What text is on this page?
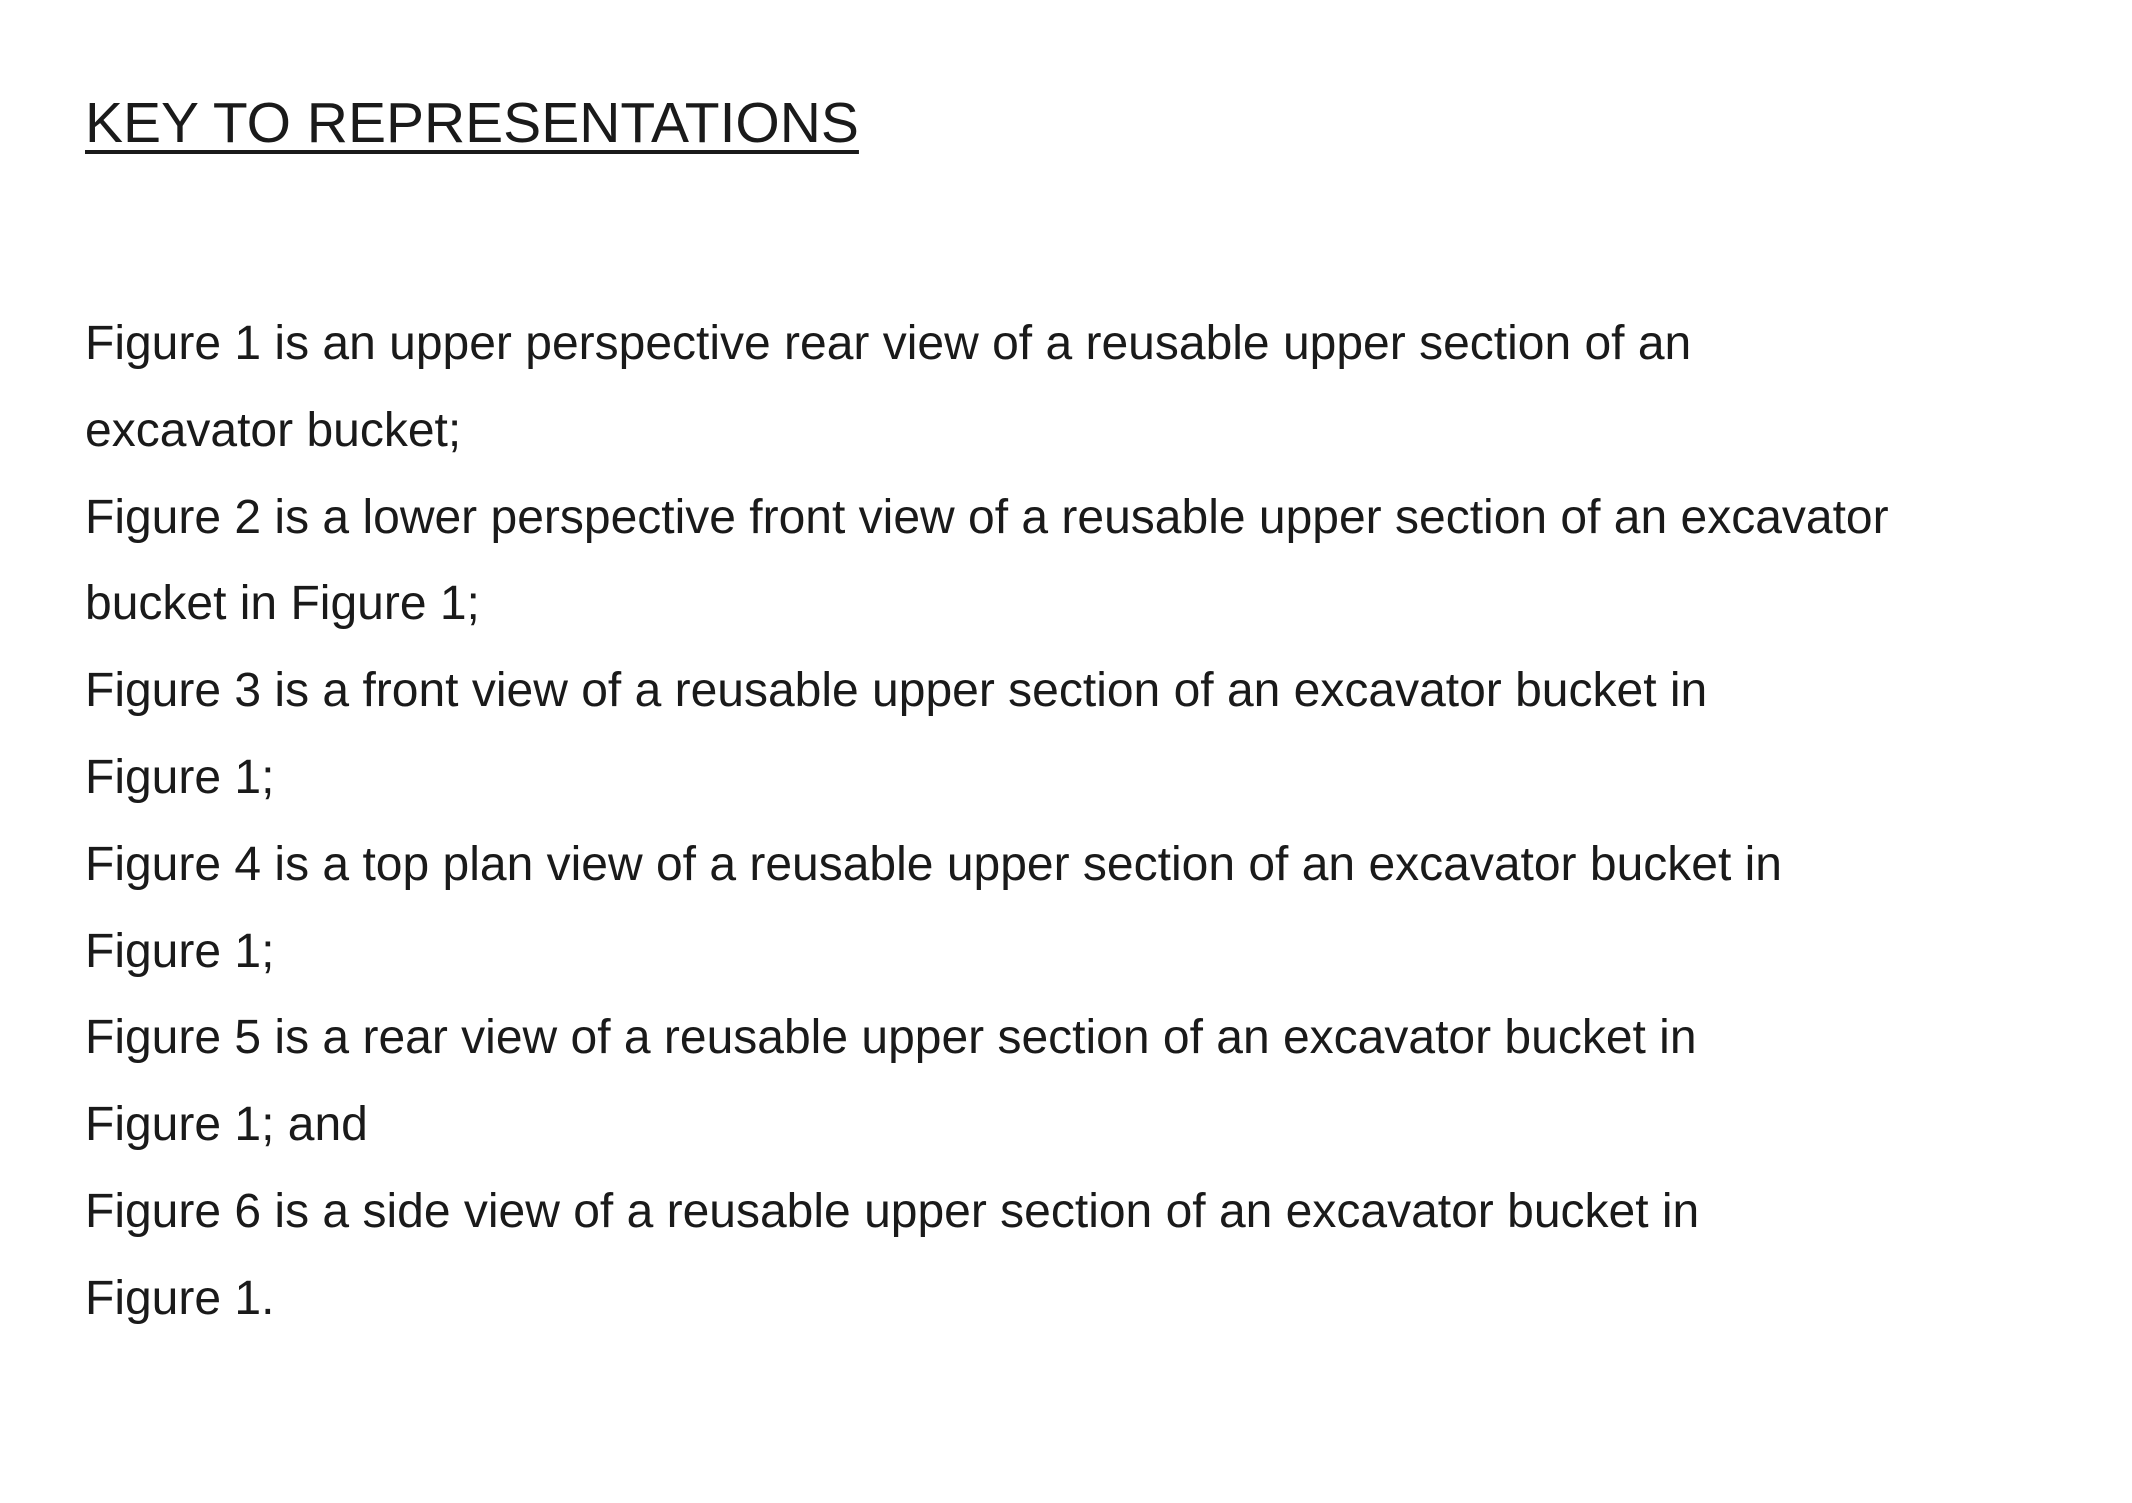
KEY TO REPRESENTATIONS
Figure 1 is an upper perspective rear view of a reusable upper section of an
excavator bucket;
Figure 2 is a lower perspective front view of a reusable upper section of an excavator
bucket in Figure 1;
Figure 3 is a front view of a reusable upper section of an excavator bucket in
Figure 1;
Figure 4 is a top plan view of a reusable upper section of an excavator bucket in
Figure 1;
Figure 5 is a rear view of a reusable upper section of an excavator bucket in
Figure 1; and
Figure 6 is a side view of a reusable upper section of an excavator bucket in
Figure 1.
